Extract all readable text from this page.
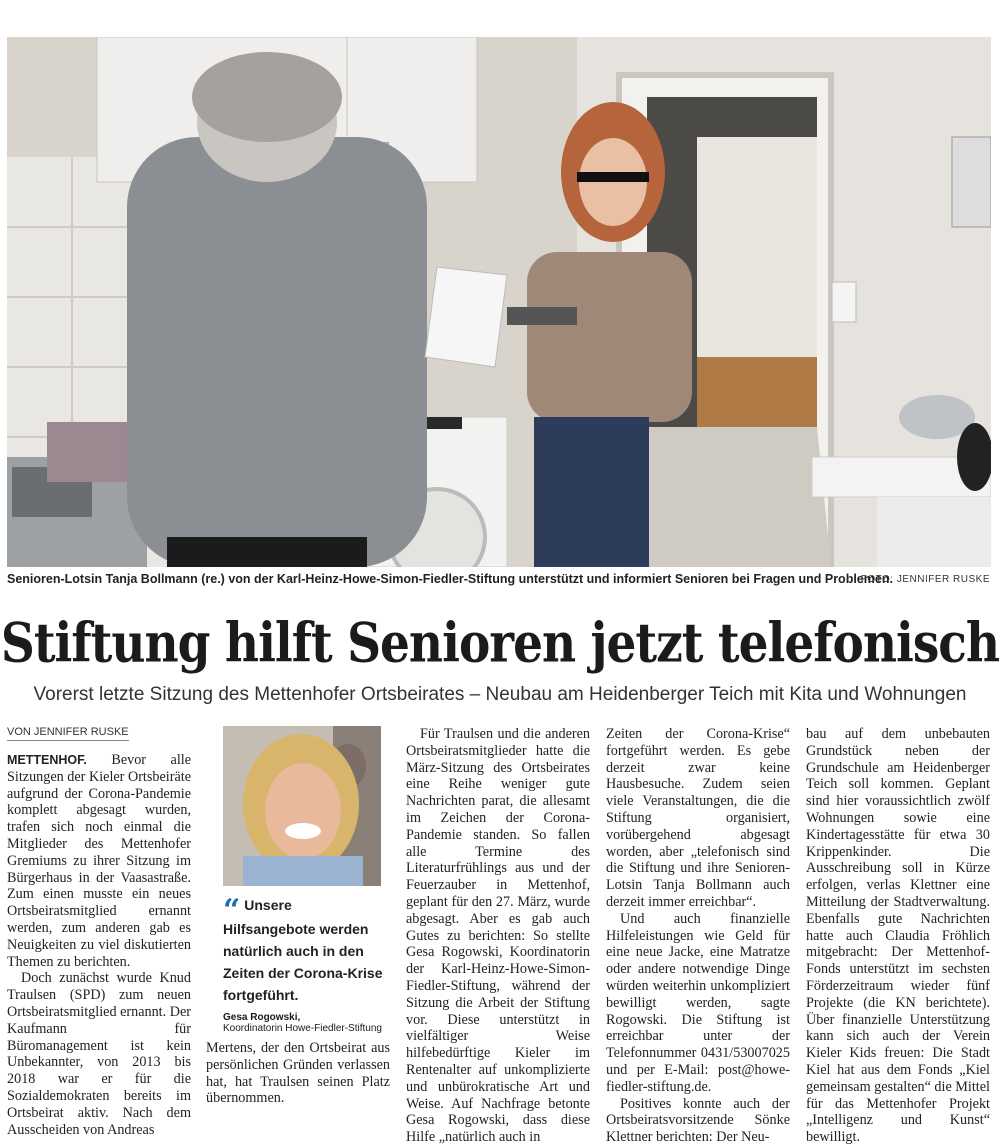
Senioren-Lotsin Tanja Bollmann (re.) von der Karl-Heinz-Howe-Simon-Fiedler-Stiftung unterstützt und informiert Senioren bei Fragen und Problemen.
FOTO: JENNIFER RUSKE
Stiftung hilft Senioren jetzt telefonisch
Vorerst letzte Sitzung des Mettenhofer Ortsbeirates – Neubau am Heidenberger Teich mit Kita und Wohnungen
VON JENNIFER RUSKE

METTENHOF. Bevor alle Sitzungen der Kieler Ortsbeiräte aufgrund der Corona-Pandemie komplett abgesagt wurden, trafen sich noch einmal die Mitglieder des Mettenhofer Gremiums zu ihrer Sitzung im Bürgerhaus in der Vaasastraße. Zum einen musste ein neues Ortsbeiratsmitglied ernannt werden, zum anderen gab es Neuigkeiten zu viel diskutierten Themen zu berichten.

Doch zunächst wurde Knud Traulsen (SPD) zum neuen Ortsbeiratsmitglied ernannt. Der Kaufmann für Büromanagement ist kein Unbekannter, von 2013 bis 2018 war er für die Sozialdemokraten bereits im Ortsbeirat aktiv. Nach dem Ausscheiden von Andreas

“ Unsere Hilfsangebote werden natürlich auch in den Zeiten der Corona-Krise fortgeführt.
Gesa Rogowski,
Koordinatorin Howe-Fiedler-Stiftung

Mertens, der den Ortsbeirat aus persönlichen Gründen verlassen hat, hat Traulsen seinen Platz übernommen.

Für Traulsen und die anderen Ortsbeiratsmitglieder hatte die März-Sitzung des Ortsbeirates eine Reihe weniger gute Nachrichten parat, die allesamt im Zeichen der Corona-Pandemie standen. So fallen alle Termine des Literaturfrühlings aus und der Feuerzauber in Mettenhof, geplant für den 27. März, wurde abgesagt. Aber es gab auch Gutes zu berichten: So stellte Gesa Rogowski, Koordinatorin der Karl-Heinz-Howe-Simon-Fiedler-Stiftung, während der Sitzung die Arbeit der Stiftung vor. Diese unterstützt in vielfältiger Weise hilfebedürftige Kieler im Rentenalter auf unkomplizierte und unbürokratische Art und Weise. Auf Nachfrage betonte Gesa Rogowski, dass diese Hilfe „natürlich auch in

Zeiten der Corona-Krise“ fortgeführt werden. Es gebe derzeit zwar keine Hausbesuche. Zudem seien viele Veranstaltungen, die die Stiftung organisiert, vorübergehend abgesagt worden, aber „telefonisch sind die Stiftung und ihre Senioren-Lotsin Tanja Bollmann auch derzeit immer erreichbar“.

Und auch finanzielle Hilfeleistungen wie Geld für eine neue Jacke, eine Matratze oder andere notwendige Dinge würden weiterhin unkompliziert bewilligt werden, sagte Rogowski. Die Stiftung ist erreichbar unter der Telefonnummer 0431/53007025 und per E-Mail: post@howe-fiedler-stiftung.de.

Positives konnte auch der Ortsbeiratsvorsitzende Sönke Klettner berichten: Der Neu-

bau auf dem unbebauten Grundstück neben der Grundschule am Heidenberger Teich soll kommen. Geplant sind hier voraussichtlich zwölf Wohnungen sowie eine Kindertagesstätte für etwa 30 Krippenkinder. Die Ausschreibung soll in Kürze erfolgen, verlas Klettner eine Mitteilung der Stadtverwaltung. Ebenfalls gute Nachrichten hatte auch Claudia Fröhlich mitgebracht: Der Mettenhof-Fonds unterstützt im sechsten Förderzeitraum wieder fünf Projekte (die KN berichtete). Über finanzielle Unterstützung kann sich auch der Verein Kieler Kids freuen: Die Stadt Kiel hat aus dem Fonds „Kiel gemeinsam gestalten“ die Mittel für das Mettenhofer Projekt „Intelligenz und Kunst“ bewilligt.
